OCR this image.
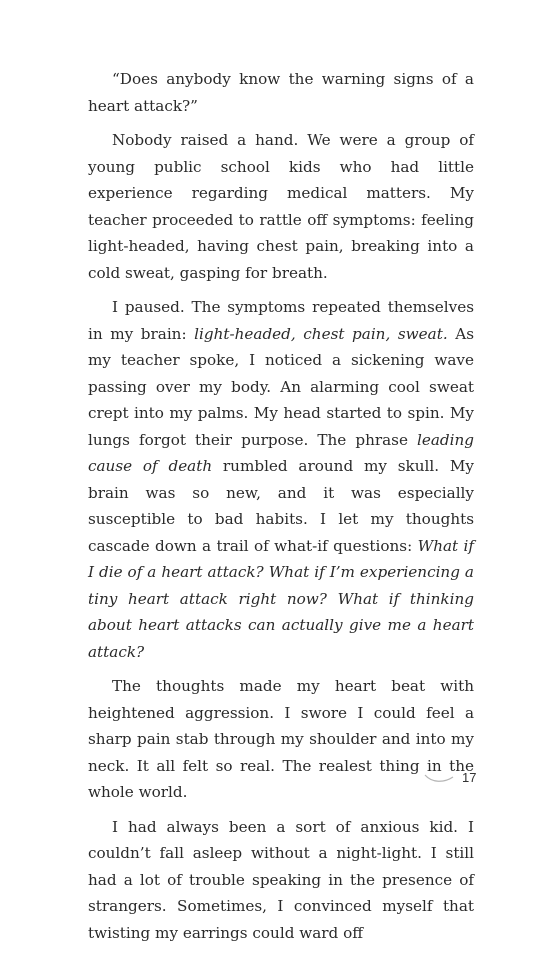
“Does anybody know the warning signs of a heart attack?”

Nobody raised a hand. We were a group of young public school kids who had little experience regarding medical matters. My teacher proceeded to rattle off symptoms: feeling light-headed, having chest pain, breaking into a cold sweat, gasping for breath.

I paused. The symptoms repeated themselves in my brain: light-headed, chest pain, sweat. As my teacher spoke, I noticed a sickening wave passing over my body. An alarming cool sweat crept into my palms. My head started to spin. My lungs forgot their purpose. The phrase leading cause of death rumbled around my skull. My brain was so new, and it was especially susceptible to bad habits. I let my thoughts cascade down a trail of what-if questions: What if I die of a heart attack? What if I’m experiencing a tiny heart attack right now? What if thinking about heart attacks can actually give me a heart attack?

The thoughts made my heart beat with heightened aggression. I swore I could feel a sharp pain stab through my shoulder and into my neck. It all felt so real. The realest thing in the whole world.

I had always been a sort of anxious kid. I couldn’t fall asleep without a night-light. I still had a lot of trouble speaking in the presence of strangers. Sometimes, I convinced myself that twisting my earrings could ward off

17
